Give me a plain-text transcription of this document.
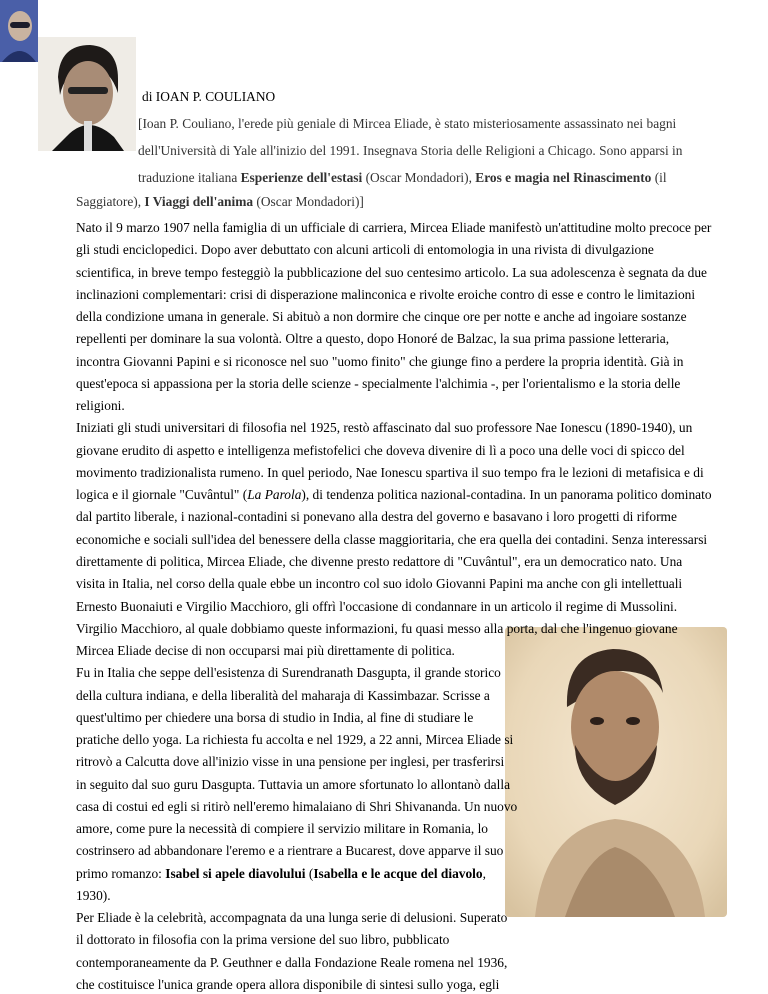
di IOAN P. COULIANO
[Ioan P. Couliano, l'erede più geniale di Mircea Eliade, è stato misteriosamente assassinato nei bagni
dell'Università di Yale all'inizio del 1991. Insegnava Storia delle Religioni a Chicago. Sono apparsi in
traduzione italiana Esperienze dell'estasi (Oscar Mondadori), Eros e magia nel Rinascimento (il
Saggiatore), I Viaggi dell'anima (Oscar Mondadori)]
Nato il 9 marzo 1907 nella famiglia di un ufficiale di carriera, Mircea Eliade manifestò un'attitudine molto precoce per
gli studi enciclopedici. Dopo aver debuttato con alcuni articoli di entomologia in una rivista di divulgazione
scientifica, in breve tempo festeggiò la pubblicazione del suo centesimo articolo. La sua adolescenza è segnata da due
inclinazioni complementari: crisi di disperazione malinconica e rivolte eroiche contro di esse e contro le limitazioni
della condizione umana in generale. Si abituò a non dormire che cinque ore per notte e anche ad ingoiare sostanze
repellenti per dominare la sua volontà. Oltre a questo, dopo Honoré de Balzac, la sua prima passione letteraria,
incontra Giovanni Papini e si riconosce nel suo "uomo finito" che giunge fino a perdere la propria identità. Già in
quest'epoca si appassiona per la storia delle scienze - specialmente l'alchimia -, per l'orientalismo e la storia delle
religioni.
Iniziati gli studi universitari di filosofia nel 1925, restò affascinato dal suo professore Nae Ionescu (1890-1940), un
giovane erudito di aspetto e intelligenza mefistofelici che doveva divenire di lì a poco una delle voci di spicco del
movimento tradizionalista rumeno. In quel periodo, Nae Ionescu spartiva il suo tempo fra le lezioni di metafisica e di
logica e il giornale "Cuvântul" (La Parola), di tendenza politica nazional-contadina. In un panorama politico dominato
dal partito liberale, i nazional-contadini si ponevano alla destra del governo e basavano i loro progetti di riforme
economiche e sociali sull'idea del benessere della classe maggioritaria, che era quella dei contadini. Senza interessarsi
direttamente di politica, Mircea Eliade, che divenne presto redattore di "Cuvântul", era un democratico nato. Una
visita in Italia, nel corso della quale ebbe un incontro col suo idolo Giovanni Papini ma anche con gli intellettuali
Ernesto Buonaiuti e Virgilio Macchioro, gli offrì l'occasione di condannare in un articolo il regime di Mussolini.
Virgilio Macchioro, al quale dobbiamo queste informazioni, fu quasi messo alla porta, dal che l'ingenuo giovane
Mircea Eliade decise di non occuparsi mai più direttamente di politica.
Fu in Italia che seppe dell'esistenza di Surendranath Dasgupta, il grande storico
della cultura indiana, e della liberalità del maharaja di Kassimbazar. Scrisse a
quest'ultimo per chiedere una borsa di studio in India, al fine di studiare le
pratiche dello yoga. La richiesta fu accolta e nel 1929, a 22 anni, Mircea Eliade si
ritrovò a Calcutta dove all'inizio visse in una pensione per inglesi, per trasferirsi
in seguito dal suo guru Dasgupta. Tuttavia un amore sfortunato lo allontanò dalla
casa di costui ed egli si ritirò nell'eremo himalaiano di Shri Shivananda. Un nuovo
amore, come pure la necessità di compiere il servizio militare in Romania, lo
costrinsero ad abbandonare l'eremo e a rientrare a Bucarest, dove apparve il suo
primo romanzo: Isabel si apele diavolului (Isabella e le acque del diavolo,
1930).
Per Eliade è la celebrità, accompagnata da una lunga serie di delusioni. Superato
il dottorato in filosofia con la prima versione del suo libro, pubblicato
contemporaneamente da P. Geuthner e dalla Fondazione Reale romena nel 1936,
che costituisce l'unica grande opera allora disponibile di sintesi sullo yoga, egli
